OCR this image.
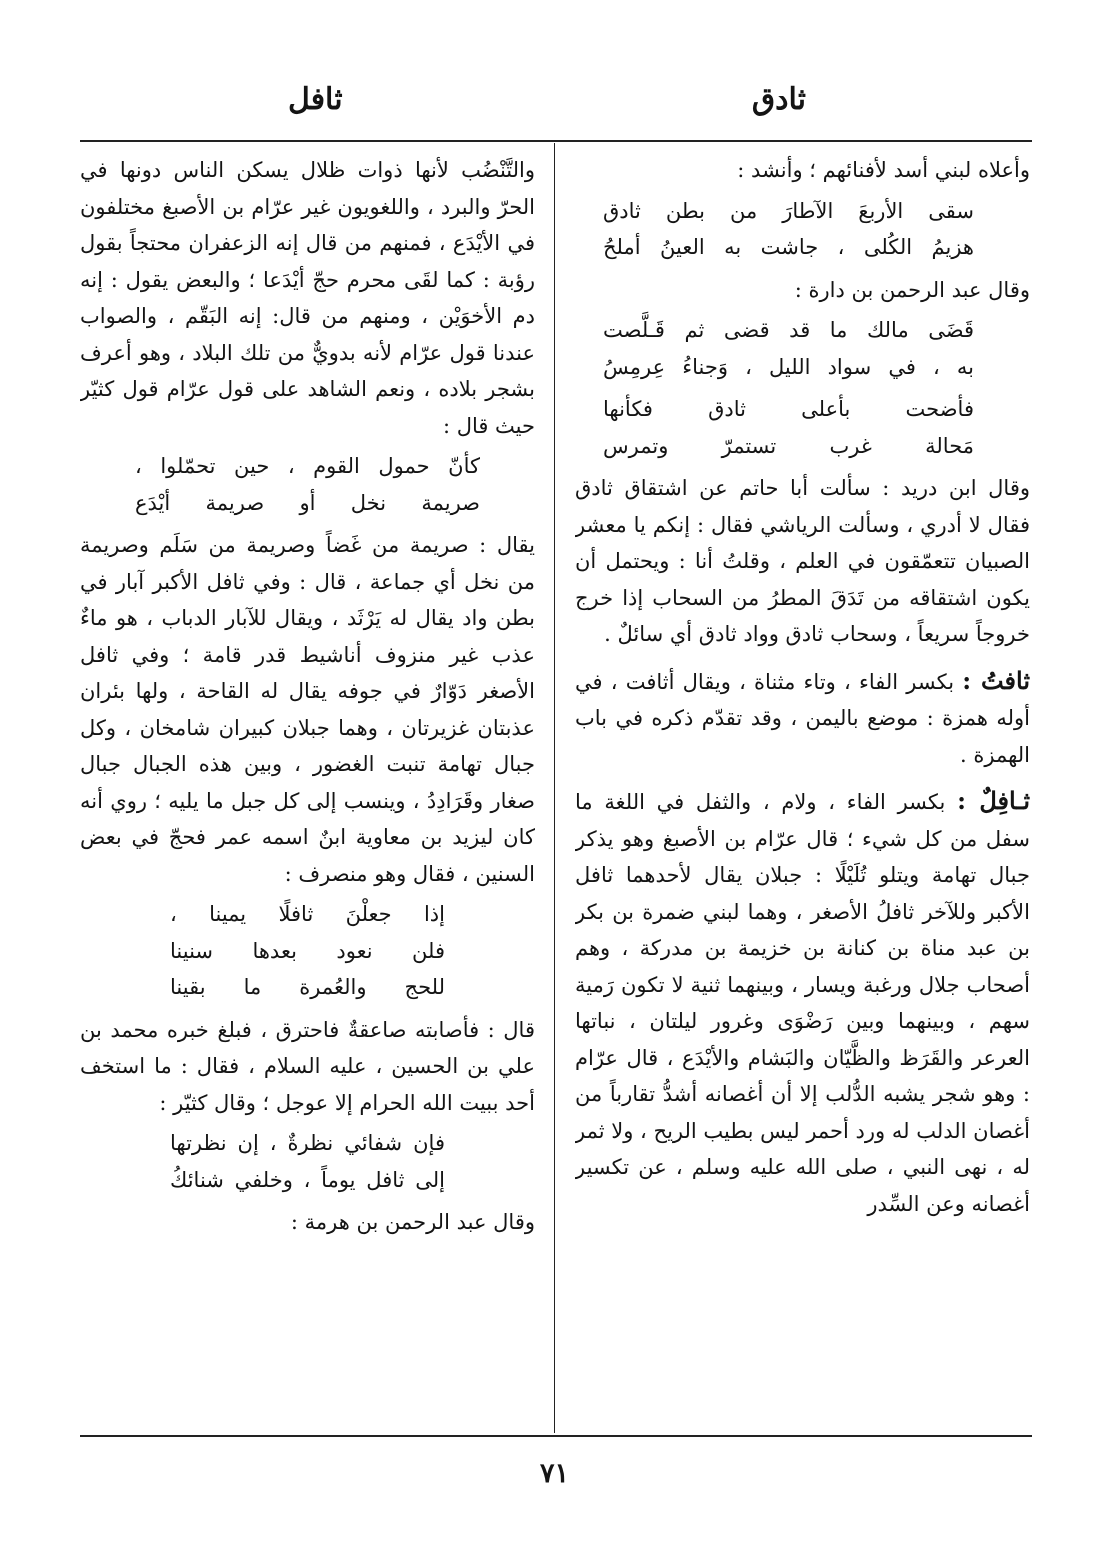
ثادق
ثافل

وأعلاه لبني أسد لأفنائهم ؛ وأنشد :

سقى الأربعَ الآطارَ من بطن ثادق
هزيمُ الكُلى ، جاشت به العينُ أملحُ

وقال عبد الرحمن بن دارة :

قَضَى مالك ما قد قضى ثم قَـلَّصت
به ، في سواد الليل ، وَجناءُ عِرمِسُ
فأضحت بأعلى ثادق فكأنها
مَحالة غرب تستمرّ وتمرس

وقال ابن دريد : سألت أبا حاتم عن اشتقاق ثادق فقال لا أدري ، وسألت الرياشي فقال : إنكم يا معشر الصبيان تتعمّقون في العلم ، وقلتُ أنا : ويحتمل أن يكون اشتقاقه من تَدَقَ المطرُ من السحاب إذا خرج خروجاً سريعاً ، وسحاب ثادق وواد ثادق أي سائلٌ .

ثافتُ : بكسر الفاء ، وتاء مثناة ، ويقال أثافت ، في أوله همزة : موضع باليمن ، وقد تقدّم ذكره في باب الهمزة .

ثـافِلٌ : بكسر الفاء ، ولام ، والثفل في اللغة ما سفل من كل شيء ؛ قال عرّام بن الأصبغ وهو يذكر جبال تهامة ويتلو تُلَيْلًا : جبلان يقال لأحدهما ثافل الأكبر وللآخر ثافلُ الأصغر ، وهما لبني ضمرة بن بكر بن عبد مناة بن كنانة بن خزيمة بن مدركة ، وهم أصحاب جلال ورغبة ويسار ، وبينهما ثنية لا تكون رَمية سهم ، وبينهما وبين رَضْوَى وغرور ليلتان ، نباتها العرعر والقَرَظ والظَّيّان والبَشام والأيْدَع ، قال عرّام : وهو شجر يشبه الدُّلب إلا أن أغصانه أشدُّ تقارباً من أغصان الدلب له ورد أحمر ليس بطيب الريح ، ولا ثمر له ، نهى النبي ، صلى الله عليه وسلم ، عن تكسير أغصانه وعن السِّدر

والتَّنْضُب لأنها ذوات ظلال يسكن الناس دونها في الحرّ والبرد ، واللغويون غير عرّام بن الأصبغ مختلفون في الأيْدَع ، فمنهم من قال إنه الزعفران محتجاً بقول رؤبة : كما لقَى محرم حجّ أيْدَعا ؛ والبعض يقول : إنه دم الأخوَيْن ، ومنهم من قال: إنه البَقّم ، والصواب عندنا قول عرّام لأنه بدويٌّ من تلك البلاد ، وهو أعرف بشجر بلاده ، ونعم الشاهد على قول عرّام قول كثيّر حيث قال :

كأنّ حمول القوم ، حين تحمّلوا ،
صريمة نخل أو صريمة أيْدَع

يقال : صريمة من غَضاً وصريمة من سَلَم وصريمة من نخل أي جماعة ، قال : وفي ثافل الأكبر آبار في بطن واد يقال له يَرْثَد ، ويقال للآبار الدباب ، هو ماءٌ عذب غير منزوف أناشيط قدر قامة ؛ وفي ثافل الأصغر دَوّارٌ في جوفه يقال له القاحة ، ولها بئران عذبتان غزيرتان ، وهما جبلان كبيران شامخان ، وكل جبال تهامة تنبت الغضور ، وبين هذه الجبال جبال صغار وقَرَادِدُ ، وينسب إلى كل جبل ما يليه ؛ روي أنه كان ليزيد بن معاوية ابنٌ اسمه عمر فحجّ في بعض السنين ، فقال وهو منصرف :

إذا جعلْنَ ثافلًا يمينا ،
فلن نعود بعدها سنينا
للحج والعُمرة ما بقينا

قال : فأصابته صاعقةٌ فاحترق ، فبلغ خبره محمد بن علي بن الحسين ، عليه السلام ، فقال : ما استخف أحد ببيت الله الحرام إلا عوجل ؛ وقال كثيّر :

فإن شفائي نظرةٌ ، إن نظرتها
إلى ثافل يوماً ، وخلفي شنائكُ

وقال عبد الرحمن بن هرمة :

٧١
